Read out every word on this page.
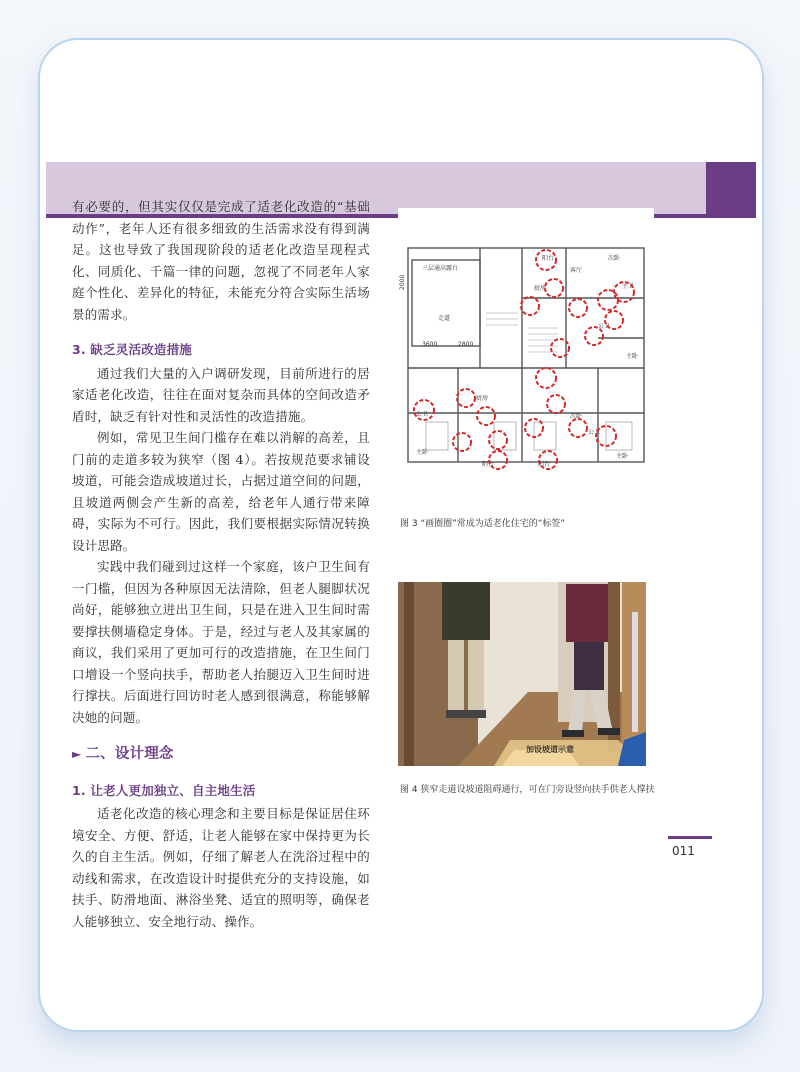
有必要的，但其实仅仅是完成了适老化改造的“基础动作”，老年人还有很多细致的生活需求没有得到满足。这也导致了我国现阶段的适老化改造呈现程式化、同质化、千篇一律的问题，忽视了不同老年人家庭个性化、差异化的特征，未能充分符合实际生活场景的需求。

3. 缺乏灵活改造措施

通过我们大量的入户调研发现，目前所进行的居家适老化改造，往往在面对复杂而具体的空间改造矛盾时，缺乏有针对性和灵活性的改造措施。

例如，常见卫生间门槛存在难以消解的高差，且门前的走道多较为狭窄（图 4）。若按规范要求铺设坡道，可能会造成坡道过长，占据过道空间的问题，且坡道两侧会产生新的高差，给老年人通行带来障碍，实际为不可行。因此，我们要根据实际情况转换设计思路。

实践中我们碰到过这样一个家庭，该户卫生间有一门槛，但因为各种原因无法清除，但老人腿脚状况尚好，能够独立进出卫生间，只是在进入卫生间时需要撑扶侧墙稳定身体。于是，经过与老人及其家属的商议，我们采用了更加可行的改造措施，在卫生间门口增设一个竖向扶手，帮助老人抬腿迈入卫生间时进行撑扶。后面进行回访时老人感到很满意，称能够解决她的问题。

► 二、设计理念
1. 让老人更加独立、自主地生活

适老化改造的核心理念和主要目标是保证居住环境安全、方便、舒适，让老人能够在家中保持更为长久的自主生活。例如，仔细了解老人在洗浴过程中的动线和需求，在改造设计时提供充分的支持设施，如扶手、防滑地面、淋浴坐凳、适宜的照明等，确保老人能够独立、安全地行动、操作。

三层通高露台
走道
阳台
厨房
客厅
次卧
主卫
公卫
主卧
公卫
厨房
主卧
阳台	阳台
次卧
公卫
主卧
2800
3600
2000
图 3 “画圈圈”常成为适老化住宅的“标签”
加设坡道示意
图 4 狭窄走道设坡道阻碍通行，可在门旁设竖向扶手供老人撑扶
011
